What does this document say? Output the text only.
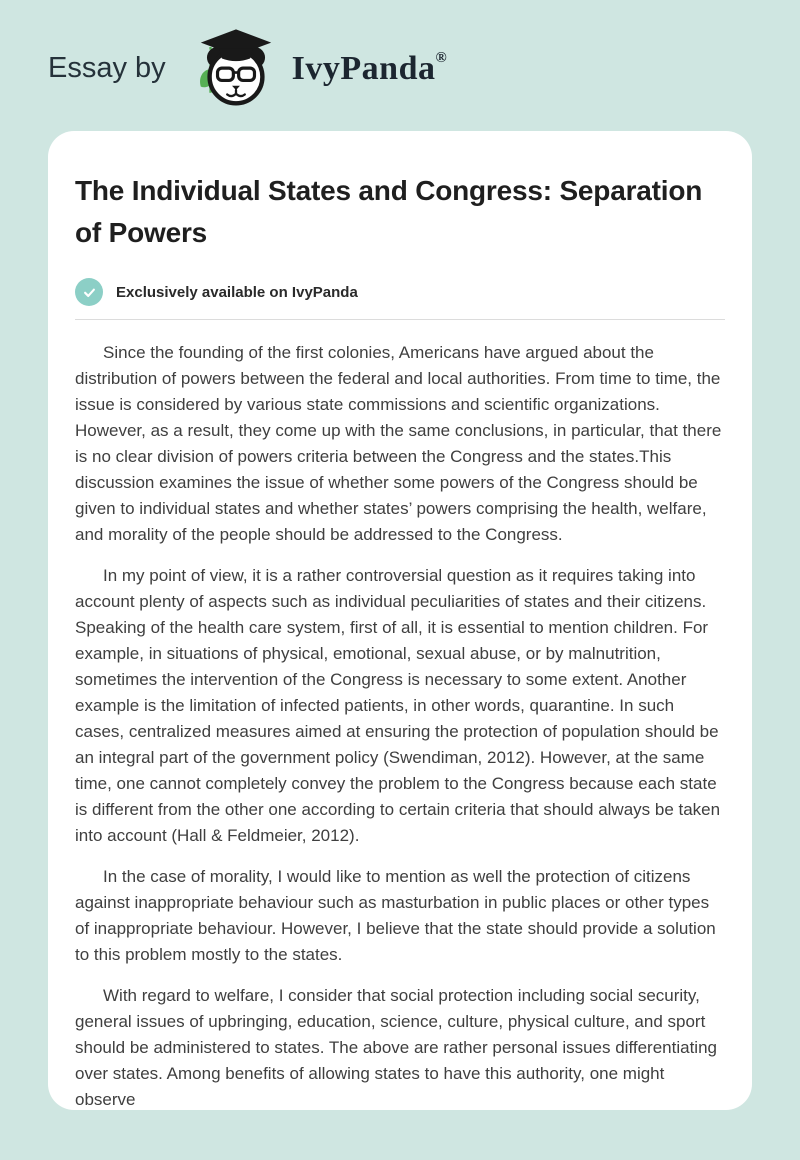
Essay by	IvyPanda®
The Individual States and Congress: Separation of Powers
Exclusively available on IvyPanda

Since the founding of the first colonies, Americans have argued about the distribution of powers between the federal and local authorities. From time to time, the issue is considered by various state commissions and scientific organizations. However, as a result, they come up with the same conclusions, in particular, that there is no clear division of powers criteria between the Congress and the states.This discussion examines the issue of whether some powers of the Congress should be given to individual states and whether states’ powers comprising the health, welfare, and morality of the people should be addressed to the Congress.

In my point of view, it is a rather controversial question as it requires taking into account plenty of aspects such as individual peculiarities of states and their citizens. Speaking of the health care system, first of all, it is essential to mention children. For example, in situations of physical, emotional, sexual abuse, or by malnutrition, sometimes the intervention of the Congress is necessary to some extent. Another example is the limitation of infected patients, in other words, quarantine. In such cases, centralized measures aimed at ensuring the protection of population should be an integral part of the government policy (Swendiman, 2012). However, at the same time, one cannot completely convey the problem to the Congress because each state is different from the other one according to certain criteria that should always be taken into account (Hall & Feldmeier, 2012).

In the case of morality, I would like to mention as well the protection of citizens against inappropriate behaviour such as masturbation in public places or other types of inappropriate behaviour. However, I believe that the state should provide a solution to this problem mostly to the states.

With regard to welfare, I consider that social protection including social security, general issues of upbringing, education, science, culture, physical culture, and sport should be administered to states. The above are rather personal issues differentiating over states. Among benefits of allowing states to have this authority, one might observe
